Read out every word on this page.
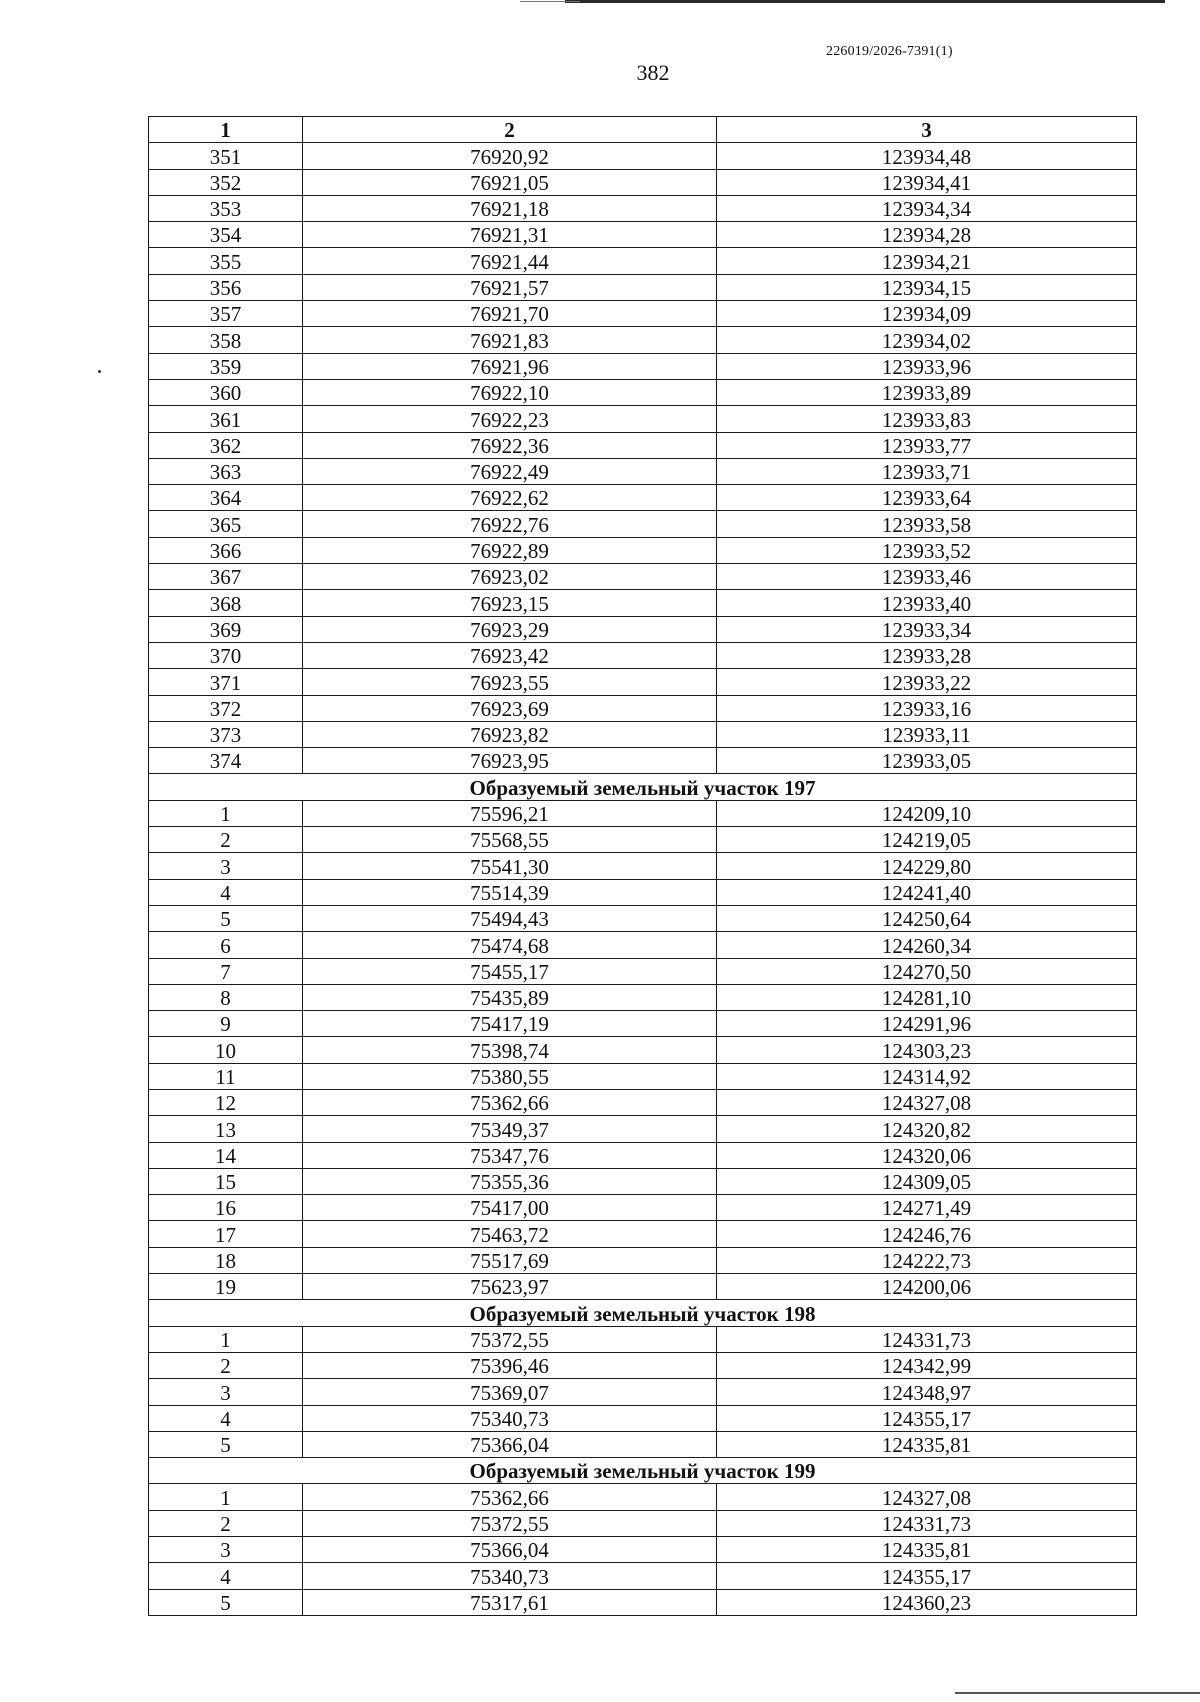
226019/2026-7391(1)
382
1	2	3
351	76920,92	123934,48
352	76921,05	123934,41
353	76921,18	123934,34
354	76921,31	123934,28
355	76921,44	123934,21
356	76921,57	123934,15
357	76921,70	123934,09
358	76921,83	123934,02
359	76921,96	123933,96
360	76922,10	123933,89
361	76922,23	123933,83
362	76922,36	123933,77
363	76922,49	123933,71
364	76922,62	123933,64
365	76922,76	123933,58
366	76922,89	123933,52
367	76923,02	123933,46
368	76923,15	123933,40
369	76923,29	123933,34
370	76923,42	123933,28
371	76923,55	123933,22
372	76923,69	123933,16
373	76923,82	123933,11
374	76923,95	123933,05
Образуемый земельный участок 197		
1	75596,21	124209,10
2	75568,55	124219,05
3	75541,30	124229,80
4	75514,39	124241,40
5	75494,43	124250,64
6	75474,68	124260,34
7	75455,17	124270,50
8	75435,89	124281,10
9	75417,19	124291,96
10	75398,74	124303,23
11	75380,55	124314,92
12	75362,66	124327,08
13	75349,37	124320,82
14	75347,76	124320,06
15	75355,36	124309,05
16	75417,00	124271,49
17	75463,72	124246,76
18	75517,69	124222,73
19	75623,97	124200,06
Образуемый земельный участок 198		
1	75372,55	124331,73
2	75396,46	124342,99
3	75369,07	124348,97
4	75340,73	124355,17
5	75366,04	124335,81
Образуемый земельный участок 199		
1	75362,66	124327,08
2	75372,55	124331,73
3	75366,04	124335,81
4	75340,73	124355,17
5	75317,61	124360,23
